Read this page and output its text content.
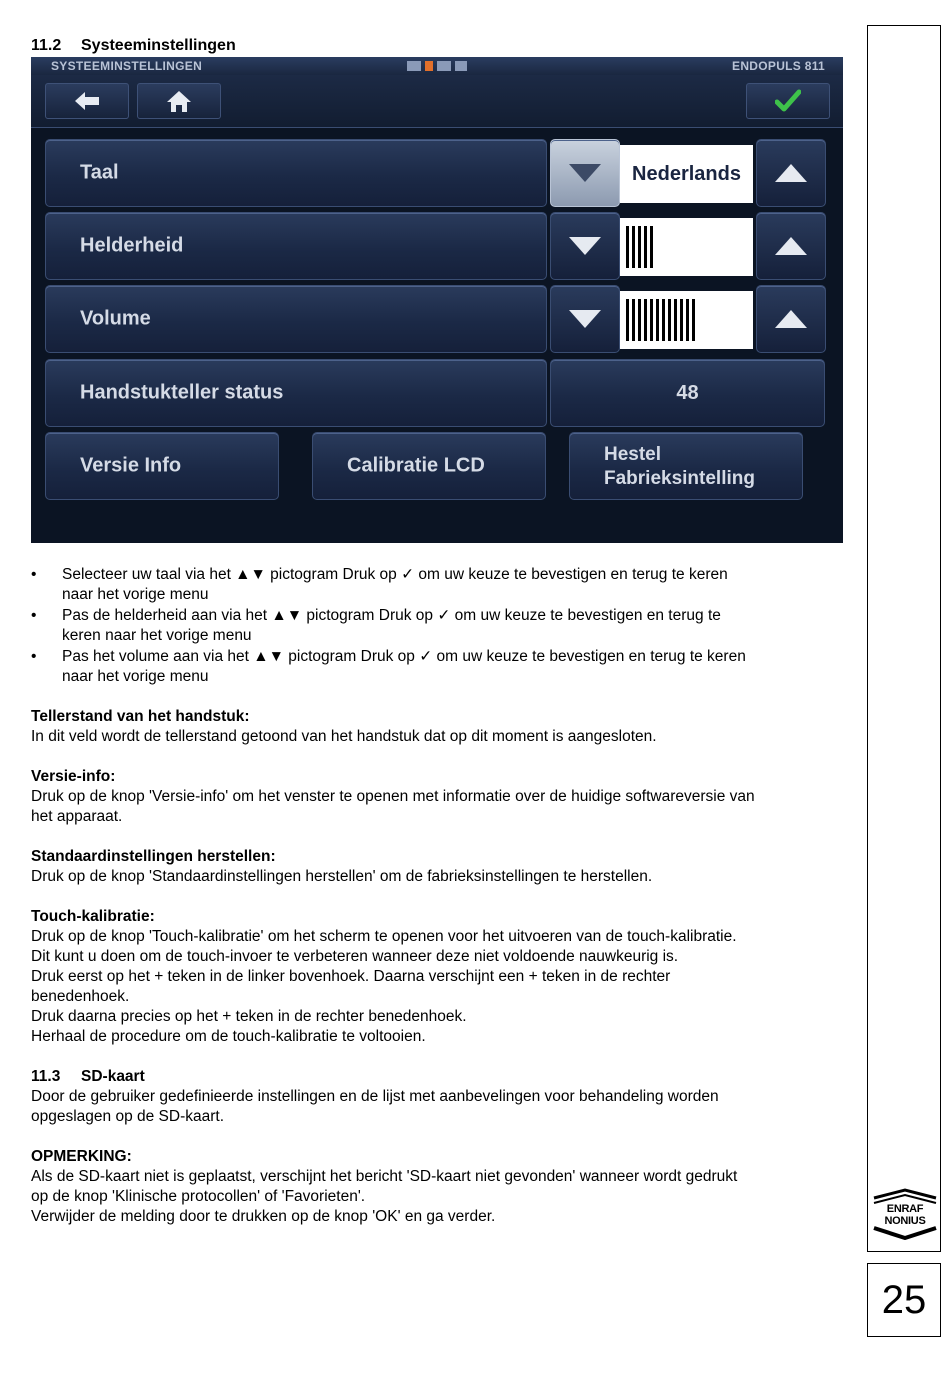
11.2 Systeeminstellingen
SYSTEEMINSTELLINGEN	ENDOPULS 811
Taal	Nederlands
Helderheid
Volume
Handstukteller status	48
Versie Info	Calibratie LCD	Hestel
Fabrieksintelling
• Selecteer uw taal via het ▲▼ pictogram Druk op ✓ om uw keuze te bevestigen en terug te keren
naar het vorige menu
• Pas de helderheid aan via het ▲▼ pictogram Druk op ✓ om uw keuze te bevestigen en terug te
keren naar het vorige menu
• Pas het volume aan via het ▲▼ pictogram Druk op ✓ om uw keuze te bevestigen en terug te keren
naar het vorige menu
Tellerstand van het handstuk:
In dit veld wordt de tellerstand getoond van het handstuk dat op dit moment is aangesloten.
Versie-info:
Druk op de knop 'Versie-info' om het venster te openen met informatie over de huidige softwareversie van
het apparaat.
Standaardinstellingen herstellen:
Druk op de knop 'Standaardinstellingen herstellen' om de fabrieksinstellingen te herstellen.
Touch-kalibratie:
Druk op de knop 'Touch-kalibratie' om het scherm te openen voor het uitvoeren van de touch-kalibratie.
Dit kunt u doen om de touch-invoer te verbeteren wanneer deze niet voldoende nauwkeurig is.
Druk eerst op het + teken in de linker bovenhoek. Daarna verschijnt een + teken in de rechter
benedenhoek.
Druk daarna precies op het + teken in de rechter benedenhoek.
Herhaal de procedure om de touch-kalibratie te voltooien.
11.3 SD-kaart
Door de gebruiker gedefinieerde instellingen en de lijst met aanbevelingen voor behandeling worden
opgeslagen op de SD-kaart.
OPMERKING:
Als de SD-kaart niet is geplaatst, verschijnt het bericht 'SD-kaart niet gevonden' wanneer wordt gedrukt
op de knop 'Klinische protocollen' of 'Favorieten'.
Verwijder de melding door te drukken op de knop 'OK' en ga verder.	ENRAF
NONIUS
25
